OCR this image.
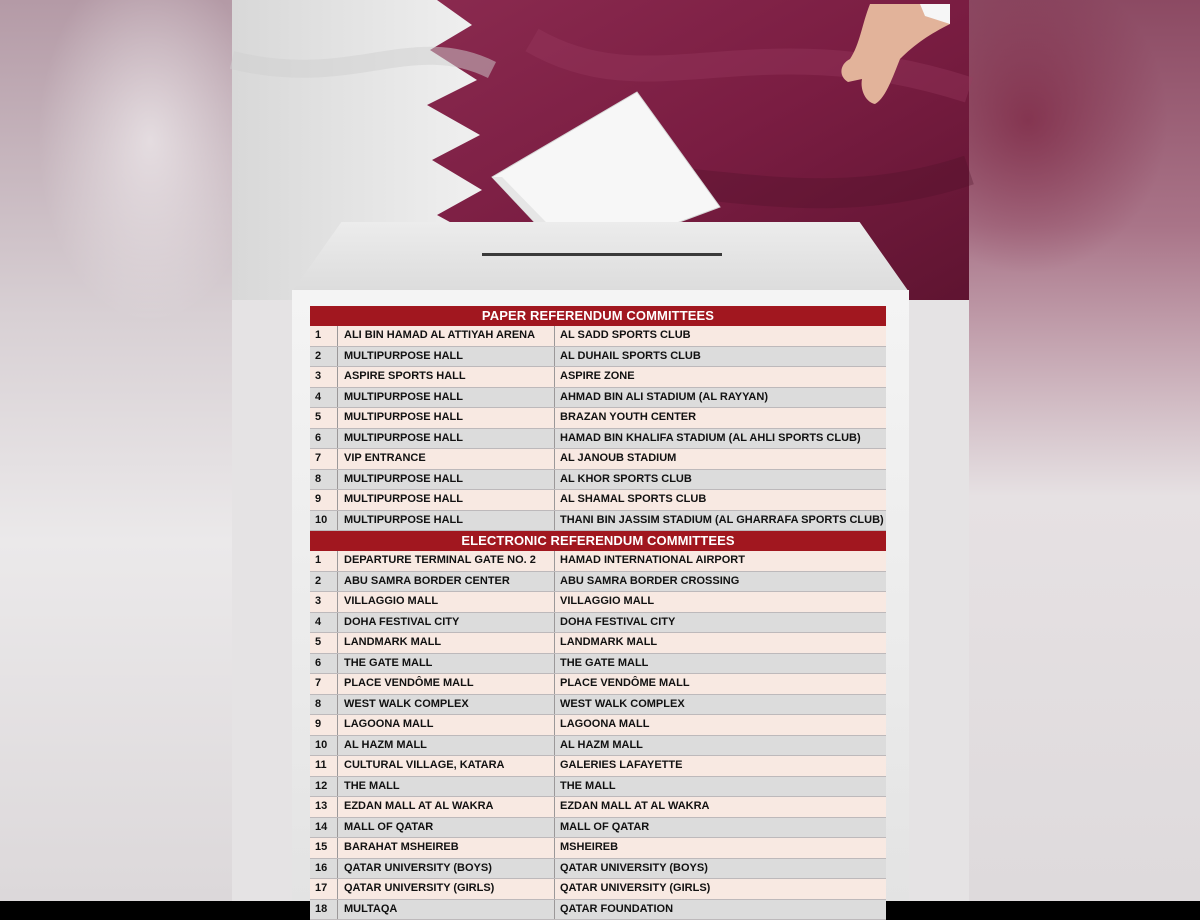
PAPER REFERENDUM COMMITTEES
1	ALI BIN HAMAD AL ATTIYAH ARENA	AL SADD SPORTS CLUB
2	MULTIPURPOSE HALL	AL DUHAIL SPORTS CLUB
3	ASPIRE SPORTS HALL	ASPIRE ZONE
4	MULTIPURPOSE HALL	AHMAD BIN ALI STADIUM (AL RAYYAN)
5	MULTIPURPOSE HALL	BRAZAN YOUTH CENTER
6	MULTIPURPOSE HALL	HAMAD BIN KHALIFA STADIUM (AL AHLI SPORTS CLUB)
7	VIP ENTRANCE	AL JANOUB STADIUM
8	MULTIPURPOSE HALL	AL KHOR SPORTS CLUB
9	MULTIPURPOSE HALL	AL SHAMAL SPORTS CLUB
10	MULTIPURPOSE HALL	THANI BIN JASSIM STADIUM (AL GHARRAFA SPORTS CLUB)
ELECTRONIC REFERENDUM COMMITTEES
1	DEPARTURE TERMINAL GATE NO. 2	HAMAD INTERNATIONAL AIRPORT
2	ABU SAMRA BORDER CENTER	ABU SAMRA BORDER CROSSING
3	VILLAGGIO MALL	VILLAGGIO MALL
4	DOHA FESTIVAL CITY	DOHA FESTIVAL CITY
5	LANDMARK MALL	LANDMARK MALL
6	THE GATE MALL	THE GATE MALL
7	PLACE VENDÔME MALL	PLACE VENDÔME MALL
8	WEST WALK COMPLEX	WEST WALK COMPLEX
9	LAGOONA MALL	LAGOONA MALL
10	AL HAZM MALL	AL HAZM MALL
11	CULTURAL VILLAGE, KATARA	GALERIES LAFAYETTE
12	THE MALL	THE MALL
13	EZDAN MALL AT AL WAKRA	EZDAN MALL AT AL WAKRA
14	MALL OF QATAR	MALL OF QATAR
15	BARAHAT MSHEIREB	MSHEIREB
16	QATAR UNIVERSITY (BOYS)	QATAR UNIVERSITY (BOYS)
17	QATAR UNIVERSITY (GIRLS)	QATAR UNIVERSITY (GIRLS)
18	MULTAQA	QATAR FOUNDATION
